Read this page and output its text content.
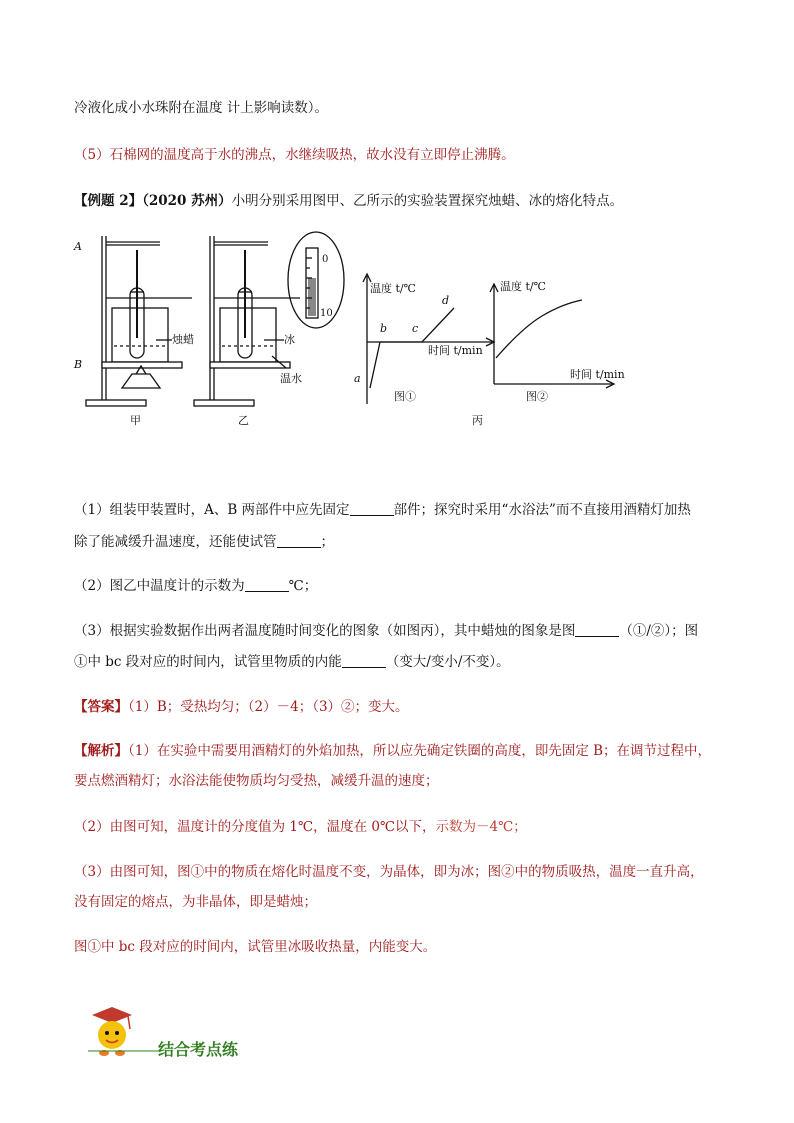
冷液化成小水珠附在温度 计上影响读数）。
（5）石棉网的温度高于水的沸点，水继续吸热，故水没有立即停止沸腾。
【例题 2】（2020 苏州）小明分别采用图甲、乙所示的实验装置探究烛蜡、冰的熔化特点。
A
B
烛蜡	冰
温水
甲	乙	丙
0
10
温度 t/℃
时间 t/min
a
b c
d
图①
温度 t/℃
时间 t/min
图②
（1）组装甲装置时，A、B 两部件中应先固定	部件；探究时采用“水浴法”而不直接用酒精灯加热
除了能减缓升温速度，还能使试管	；
（2）图乙中温度计的示数为	℃；
（3）根据实验数据作出两者温度随时间变化的图象（如图丙），其中蜡烛的图象是图	（①/②）；图
①中 bc 段对应的时间内，试管里物质的内能	（变大/变小/不变）。
【答案】（1）B；受热均匀；（2）－4；（3）②；变大。
【解析】（1）在实验中需要用酒精灯的外焰加热，所以应先确定铁圈的高度，即先固定 B；在调节过程中，
要点燃酒精灯；水浴法能使物质均匀受热，减缓升温的速度；
（2）由图可知，温度计的分度值为 1℃，温度在 0℃以下，示数为－4℃；
（3）由图可知，图①中的物质在熔化时温度不变，为晶体，即为冰；图②中的物质吸热，温度一直升高，
没有固定的熔点，为非晶体，即是蜡烛；
图①中 bc 段对应的时间内，试管里冰吸收热量，内能变大。
结合考点练
